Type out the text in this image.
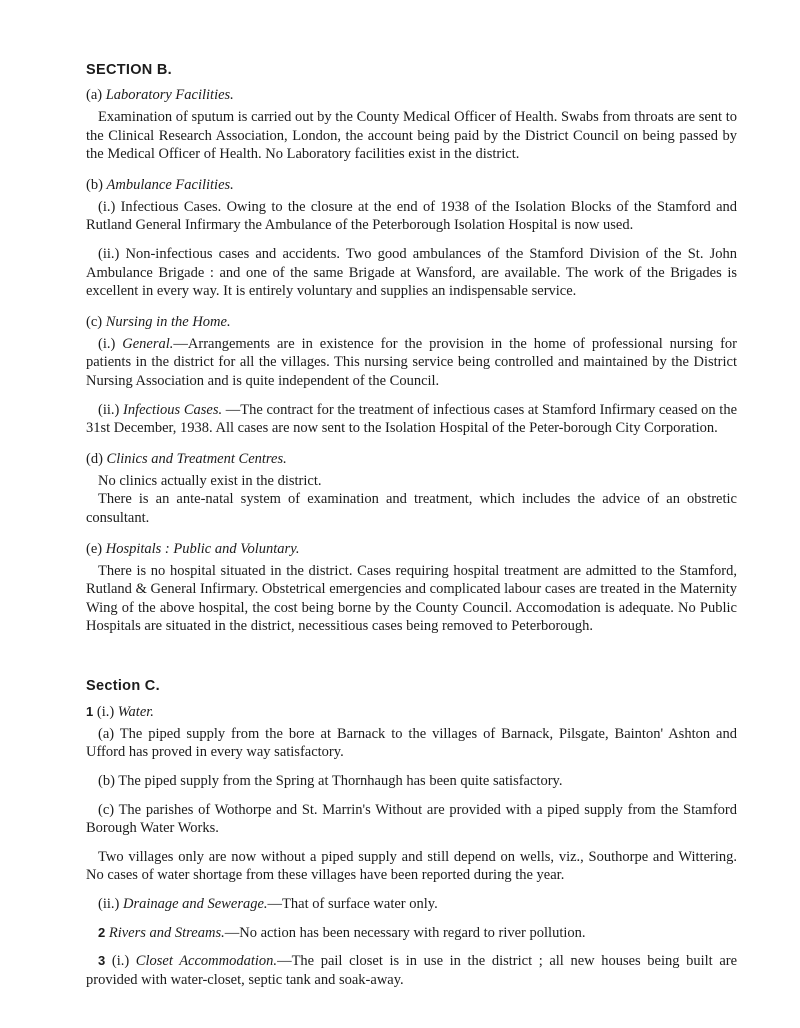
SECTION B.
(a) Laboratory Facilities.

Examination of sputum is carried out by the County Medical Officer of Health. Swabs from throats are sent to the Clinical Research Association, London, the account being paid by the District Council on being passed by the Medical Officer of Health. No Laboratory facilities exist in the district.

(b) Ambulance Facilities.

(i.) Infectious Cases. Owing to the closure at the end of 1938 of the Isolation Blocks of the Stamford and Rutland General Infirmary the Ambulance of the Peterborough Isolation Hospital is now used.

(ii.) Non-infectious cases and accidents. Two good ambulances of the Stamford Division of the St. John Ambulance Brigade : and one of the same Brigade at Wansford, are available. The work of the Brigades is excellent in every way. It is entirely voluntary and supplies an indispensable service.

(c) Nursing in the Home.

(i.) General.—Arrangements are in existence for the provision in the home of professional nursing for patients in the district for all the villages. This nursing service being controlled and maintained by the District Nursing Association and is quite independent of the Council.

(ii.) Infectious Cases. —The contract for the treatment of infectious cases at Stamford Infirmary ceased on the 31st December, 1938. All cases are now sent to the Isolation Hospital of the Peter-borough City Corporation.

(d) Clinics and Treatment Centres.

No clinics actually exist in the district.

There is an ante-natal system of examination and treatment, which includes the advice of an obstretic consultant.

(e) Hospitals : Public and Voluntary.

There is no hospital situated in the district. Cases requiring hospital treatment are admitted to the Stamford, Rutland & General Infirmary. Obstetrical emergencies and complicated labour cases are treated in the Maternity Wing of the above hospital, the cost being borne by the County Council. Accomodation is adequate. No Public Hospitals are situated in the district, necessitious cases being removed to Peterborough.

Section C.
1 (i.) Water.

(a) The piped supply from the bore at Barnack to the villages of Barnack, Pilsgate, Bainton' Ashton and Ufford has proved in every way satisfactory.

(b) The piped supply from the Spring at Thornhaugh has been quite satisfactory.

(c) The parishes of Wothorpe and St. Marrin's Without are provided with a piped supply from the Stamford Borough Water Works.

Two villages only are now without a piped supply and still depend on wells, viz., Southorpe and Wittering. No cases of water shortage from these villages have been reported during the year.

(ii.) Drainage and Sewerage.—That of surface water only.

2 Rivers and Streams.—No action has been necessary with regard to river pollution.

3 (i.) Closet Accommodation.—The pail closet is in use in the district ; all new houses being built are provided with water-closet, septic tank and soak-away.
